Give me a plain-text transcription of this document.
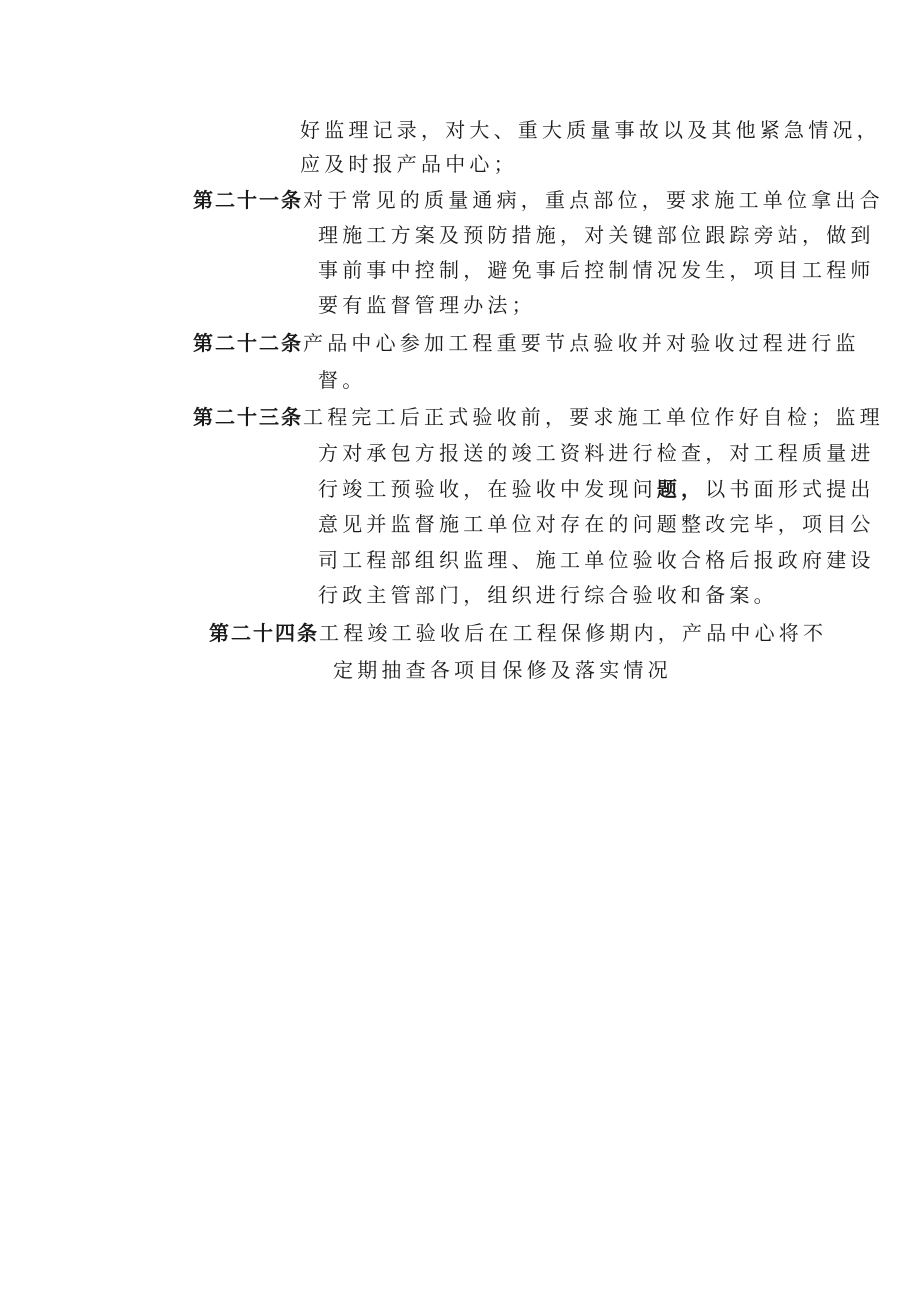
好监理记录，对大、重大质量事故以及其他紧急情况，
应及时报产品中心；
第二十一条对于常见的质量通病，重点部位，要求施工单位拿出合
理施工方案及预防措施，对关键部位跟踪旁站，做到
事前事中控制，避免事后控制情况发生，项目工程师
要有监督管理办法；
第二十二条产品中心参加工程重要节点验收并对验收过程进行监
督。
第二十三条工程完工后正式验收前，要求施工单位作好自检；监理
方对承包方报送的竣工资料进行检查，对工程质量进
行竣工预验收，在验收中发现问题，以书面形式提出
意见并监督施工单位对存在的问题整改完毕，项目公
司工程部组织监理、施工单位验收合格后报政府建设
行政主管部门，组织进行综合验收和备案。
第二十四条工程竣工验收后在工程保修期内，产品中心将不
定期抽查各项目保修及落实情况
